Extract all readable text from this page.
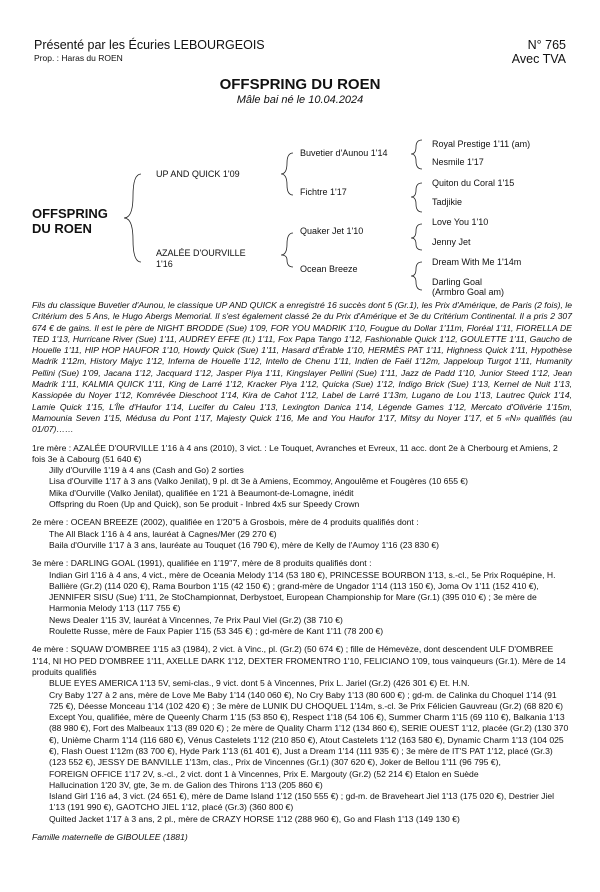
Présenté par les Écuries LEBOURGEOIS
Prop. : Haras du ROEN
N° 765
Avec TVA
OFFSPRING DU ROEN
Mâle bai né le 10.04.2024
OFFSPRING
DU ROEN
UP AND QUICK 1'09
AZALÉE D'OURVILLE
1'16
Buvetier d'Aunou 1'14
Fichtre 1'17
Quaker Jet 1'10
Ocean Breeze
Royal Prestige 1'11 (am)
Nesmile 1'17
Quiton du Coral 1'15
Tadjikie
Love You 1'10
Jenny Jet
Dream With Me 1'14m
Darling Goal
(Armbro Goal am)

Fils du classique Buvetier d'Aunou, le classique UP AND QUICK a enregistré 16 succès dont 5 (Gr.1), les Prix d'Amérique, de Paris (2 fois), le Critérium des 5 Ans, le Hugo Abergs Memorial. Il s'est également classé 2e du Prix d'Amérique et 3e du Critérium Continental. Il a pris 2 307 674 € de gains. Il est le père de NIGHT BRODDE (Sue) 1'09, FOR YOU MADRIK 1'10, Fougue du Dollar 1'11m, Floréal 1'11, FIORELLA DE TED 1'13, Hurricane River (Sue) 1'11, AUDREY EFFE (It.) 1'11, Fox Papa Tango 1'12, Fashionable Quick 1'12, GOULETTE 1'11, Gaucho de Houelle 1'11, HIP HOP HAUFOR 1'10, Howdy Quick (Sue) 1'11, Hasard d'Érable 1'10, HERMÈS PAT 1'11, Highness Quick 1'11, Hypothèse Madrik 1'12m, History Majyc 1'12, Inferna de Houelle 1'12, Intello de Chenu 1'11, Indien de Faël 1'12m, Jappeloup Turgot 1'11, Humanity Pellini (Sue) 1'09, Jacana 1'12, Jacquard 1'12, Jasper Piya 1'11, Kingslayer Pellini (Sue) 1'11, Jazz de Padd 1'10, Junior Steed 1'12, Jean Madrik 1'11, KALMIA QUICK 1'11, King de Larré 1'12, Kracker Piya 1'12, Quicka (Sue) 1'12, Indigo Brick (Sue) 1'13, Kernel de Nuit 1'13, Kassiopée du Noyer 1'12, Komrévée Dieschoot 1'14, Kira de Cahot 1'12, Label de Larré 1'13m, Lugano de Lou 1'13, Lautrec Quick 1'14, Lamie Quick 1'15, L'Île d'Haufor 1'14, Lucifer du Caleu 1'13, Lexington Danica 1'14, Légende Games 1'12, Mercato d'Olivérie 1'15m, Mamounia Seven 1'15, Médusa du Pont 1'17, Majesty Quick 1'16, Me and You Haufor 1'17, Mitsy du Noyer 1'17, et 5 «N» qualifiés (au 01/07)……

1re mère : AZALÉE D'OURVILLE 1'16 à 4 ans (2010), 3 vict. : Le Touquet, Avranches et Evreux, 11 acc. dont 2e à Cherbourg et Amiens, 2 fois 3e à Cabourg (51 640 €)

Jilly d'Ourville 1'19 à 4 ans (Cash and Go) 2 sorties

Lisa d'Ourville 1'17 à 3 ans (Valko Jenilat), 9 pl. dt 3e à Amiens, Ecommoy, Angoulême et Fougères (10 655 €)

Mika d'Ourville (Valko Jenilat), qualifiée en 1'21 à Beaumont-de-Lomagne, inédit

Offspring du Roen (Up and Quick), son 5e produit - Inbred 4x5 sur Speedy Crown

2e mère : OCEAN BREEZE (2002), qualifiée en 1'20''5 à Grosbois, mère de 4 produits qualifiés dont :

The All Black 1'16 à 4 ans, lauréat à Cagnes/Mer (29 270 €)

Baila d'Ourville 1'17 à 3 ans, lauréate au Touquet (16 790 €), mère de Kelly de l'Aumoy 1'16 (23 830 €)

3e mère : DARLING GOAL (1991), qualifiée en 1'19''7, mère de 8 produits qualifiés dont :

Indian Girl 1'16 à 4 ans, 4 vict., mère de Oceania Melody 1'14 (53 180 €), PRINCESSE BOURBON 1'13, s.-cl., 5e Prix Roquépine, H. Ballière (Gr.2) (114 020 €), Rama Bourbon 1'15 (42 150 €) ; grand-mère de Ungador 1'14 (113 150 €), Joma Ov 1'11 (152 410 €), JENNIFER SISU (Sue) 1'11, 2e StoChampionnat, Derbystoet, European Championship for Mare (Gr.1) (395 010 €) ; 3e mère de Harmonia Melody 1'13 (117 755 €)

News Dealer 1'15 3V, lauréat à Vincennes, 7e Prix Paul Viel (Gr.2) (38 710 €)

Roulette Russe, mère de Faux Papier 1'15 (53 345 €) ; gd-mère de Kant 1'11 (78 200 €)

4e mère : SQUAW D'OMBREE 1'15 a3 (1984), 2 vict. à Vinc., pl. (Gr.2) (50 674 €) ; fille de Hémevèze, dont descendent ULF D'OMBREE 1'14, NI HO PED D'OMBREE 1'11, AXELLE DARK 1'12, DEXTER FROMENTRO 1'10, FELICIANO 1'09, tous vainqueurs (Gr.1). Mère de 14 produits qualifiés

BLUE EYES AMERICA 1'13 5V, semi-clas., 9 vict. dont 5 à Vincennes, Prix L. Jariel (Gr.2) (426 301 €) Et. H.N.

Cry Baby 1'27 à 2 ans, mère de Love Me Baby 1'14 (140 060 €), No Cry Baby 1'13 (80 600 €) ; gd-m. de Calinka du Choquel 1'14 (91 725 €), Déesse Monceau 1'14 (102 420 €) ; 3e mère de LUNIK DU CHOQUEL 1'14m, s.-cl. 3e Prix Félicien Gauvreau (Gr.2) (68 820 €)

Except You, qualifiée, mère de Queenly Charm 1'15 (53 850 €), Respect 1'18 (54 106 €), Summer Charm 1'15 (69 110 €), Balkania 1'13 (88 980 €), Fort des Malbeaux 1'13 (89 020 €) ; 2e mère de Quality Charm 1'12 (134 860 €), SERIE OUEST 1'12, placée (Gr.2) (130 370 €), Unième Charm 1'14 (116 680 €), Vénus Castelets 1'12 (210 850 €), Atout Castelets 1'12 (163 580 €), Dynamic Charm 1'13 (104 025 €), Flash Ouest 1'12m (83 700 €), Hyde Park 1'13 (61 401 €), Just a Dream 1'14 (111 935 €) ; 3e mère de IT'S PAT 1'12, placé (Gr.3) (123 552 €), JESSY DE BANVILLE 1'13m, clas., Prix de Vincennes (Gr.1) (307 620 €), Joker de Bellou 1'11 (96 795 €),

FOREIGN OFFICE 1'17 2V, s.-cl., 2 vict. dont 1 à Vincennes, Prix E. Margouty (Gr.2) (52 214 €) Etalon en Suède

Hallucination 1'20 3V, gte, 3e m. de Galion des Thirons 1'13 (205 860 €)

Island Girl 1'16 a4, 3 vict. (24 651 €), mère de Dame Island 1'12 (150 555 €) ; gd-m. de Braveheart Jiel 1'13 (175 020 €), Destrier Jiel 1'13 (191 990 €), GAOTCHO JIEL 1'12, placé (Gr.3) (360 800 €)

Quilted Jacket 1'17 à 3 ans, 2 pl., mère de CRAZY HORSE 1'12 (288 960 €), Go and Flash 1'13 (149 130 €)

Famille maternelle de GIBOULEE (1881)
